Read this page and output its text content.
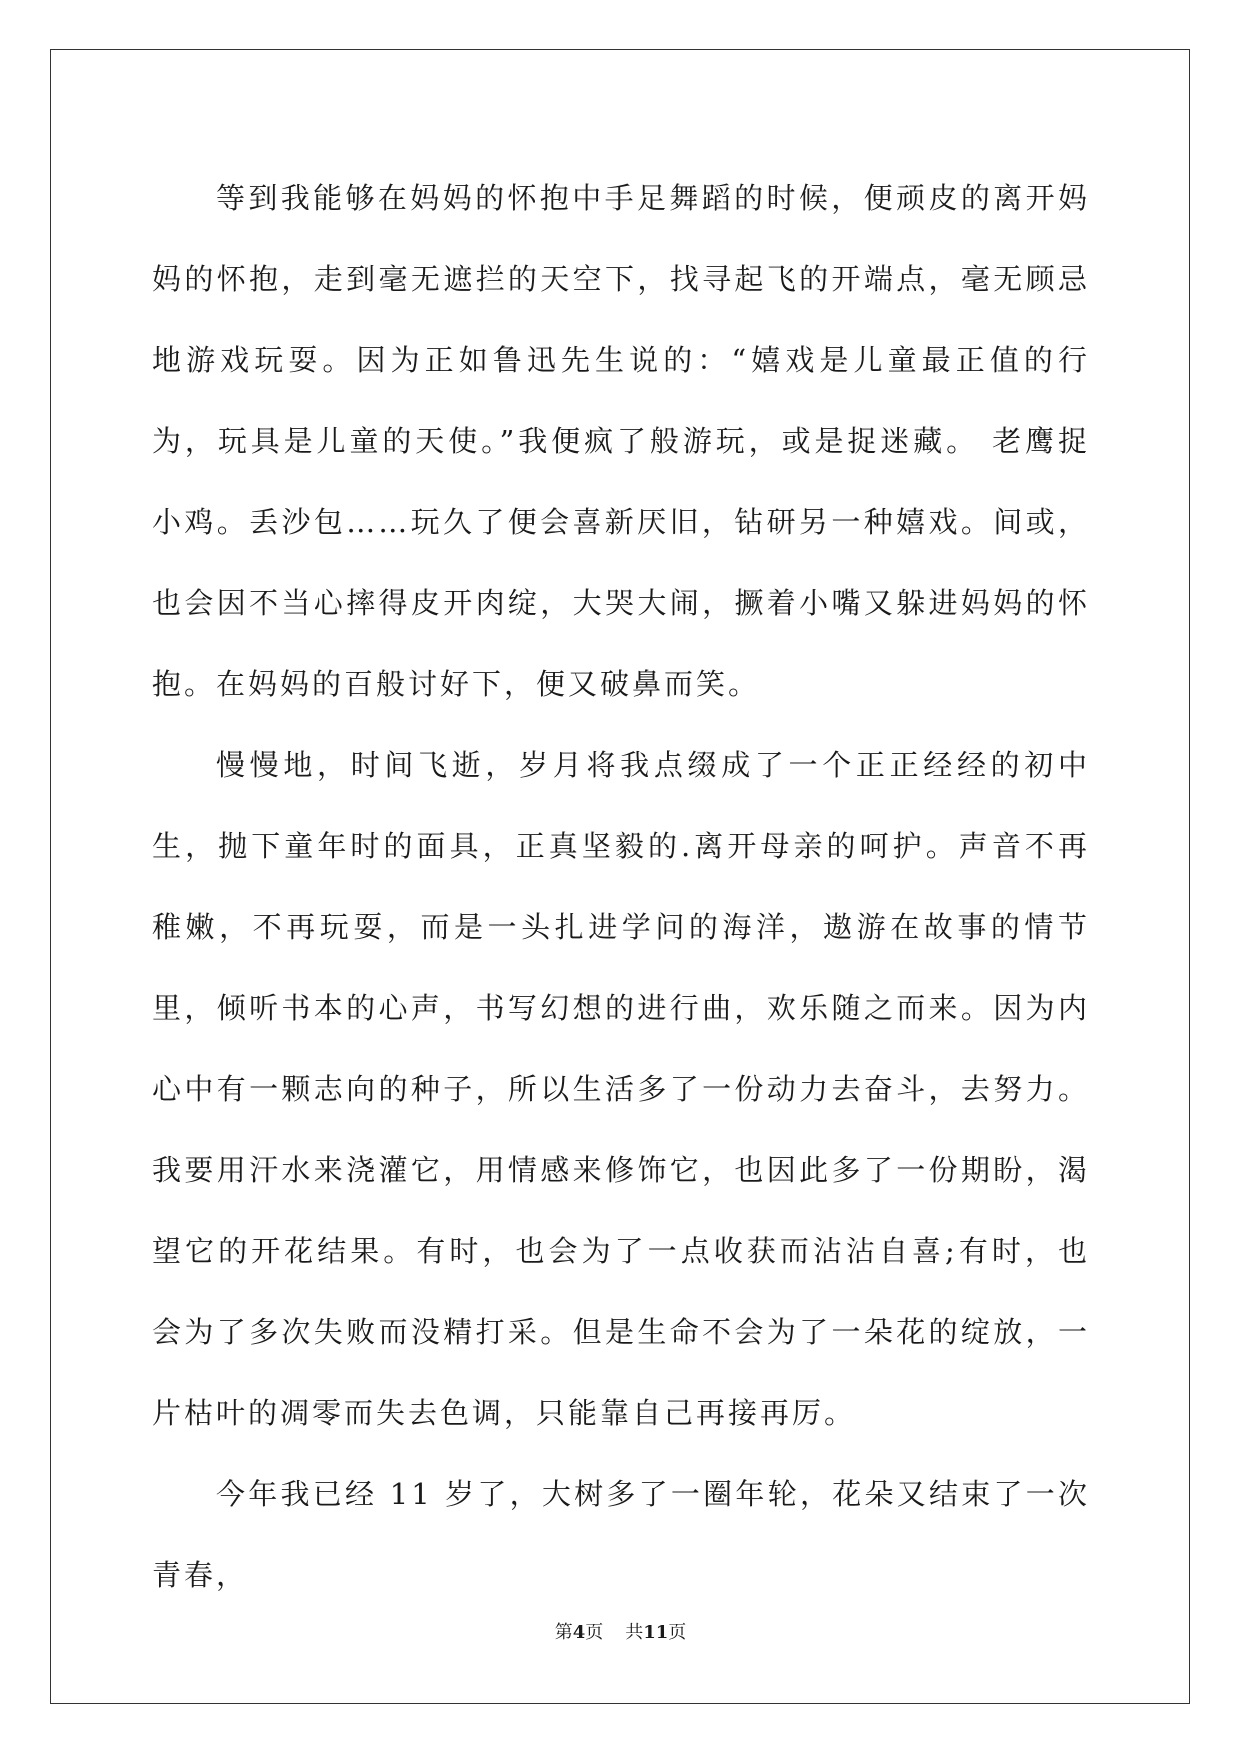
等到我能够在妈妈的怀抱中手足舞蹈的时候，便顽皮的离开妈妈的怀抱，走到毫无遮拦的天空下，找寻起飞的开端点，毫无顾忌地游戏玩耍。因为正如鲁迅先生说的：“嬉戏是儿童最正值的行为，玩具是儿童的天使。”我便疯了般游玩，或是捉迷藏。 老鹰捉小鸡。丢沙包……玩久了便会喜新厌旧，钻研另一种嬉戏。间或，也会因不当心摔得皮开肉绽，大哭大闹，撅着小嘴又躲进妈妈的怀抱。在妈妈的百般讨好下，便又破鼻而笑。

慢慢地，时间飞逝，岁月将我点缀成了一个正正经经的初中生，抛下童年时的面具，正真坚毅的.离开母亲的呵护。声音不再稚嫩，不再玩耍，而是一头扎进学问的海洋，遨游在故事的情节里，倾听书本的心声，书写幻想的进行曲，欢乐随之而来。因为内心中有一颗志向的种子，所以生活多了一份动力去奋斗，去努力。我要用汗水来浇灌它，用情感来修饰它，也因此多了一份期盼，渴望它的开花结果。有时，也会为了一点收获而沾沾自喜;有时，也会为了多次失败而没精打采。但是生命不会为了一朵花的绽放，一片枯叶的凋零而失去色调，只能靠自己再接再厉。

今年我已经 11 岁了，大树多了一圈年轮，花朵又结束了一次青春，

第4页 共11页
